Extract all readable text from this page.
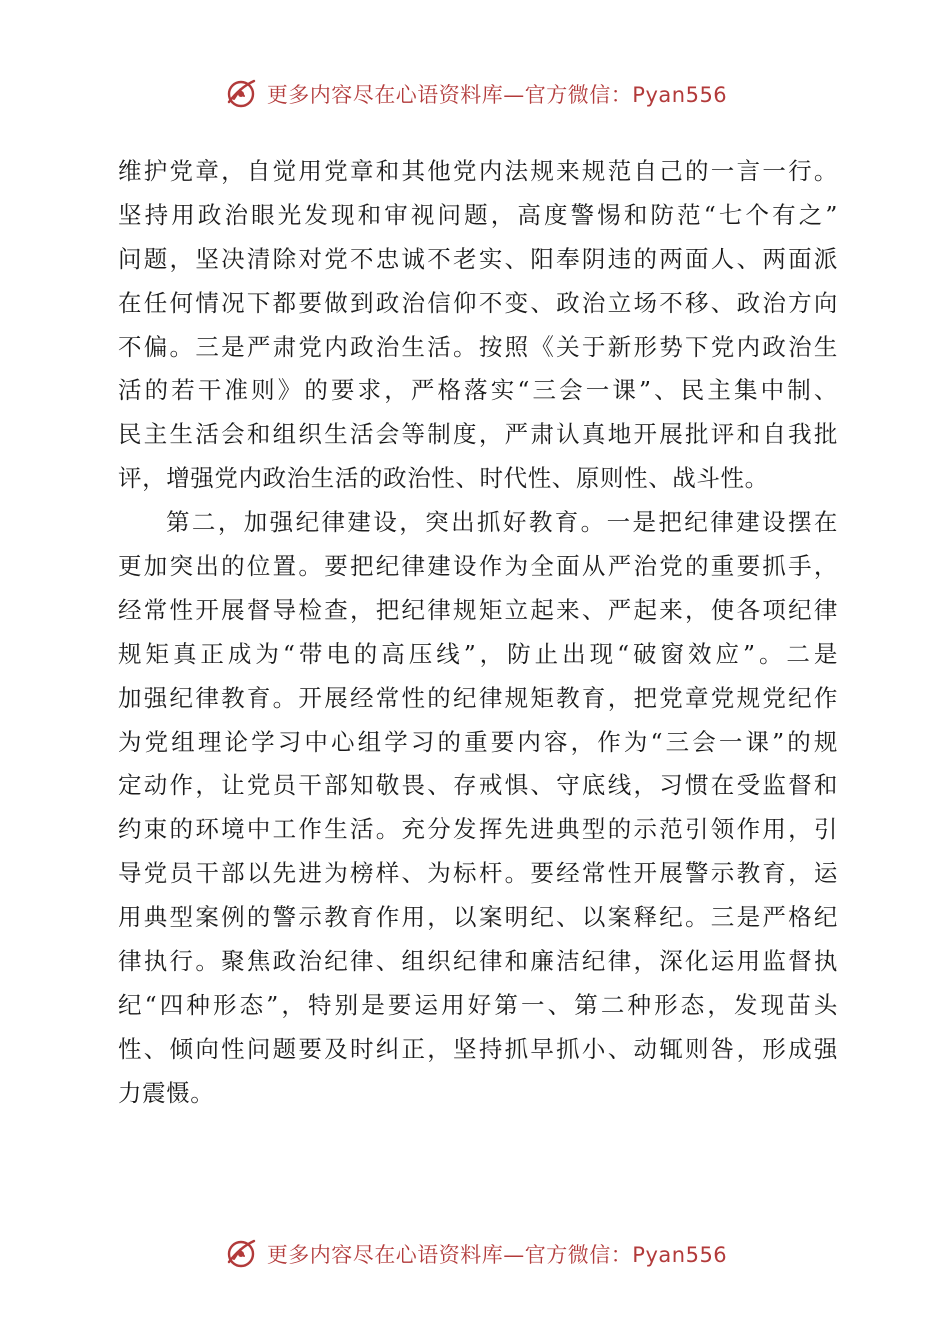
更多内容尽在心语资料库—官方微信：Pyan556
维护党章，自觉用党章和其他党内法规来规范自己的一言一行。
坚持用政治眼光发现和审视问题，高度警惕和防范“七个有之”
问题，坚决清除对党不忠诚不老实、阳奉阴违的两面人、两面派
在任何情况下都要做到政治信仰不变、政治立场不移、政治方向
不偏。三是严肃党内政治生活。按照《关于新形势下党内政治生
活的若干准则》的要求，严格落实“三会一课”、民主集中制、
民主生活会和组织生活会等制度，严肃认真地开展批评和自我批
评，增强党内政治生活的政治性、时代性、原则性、战斗性。
第二，加强纪律建设，突出抓好教育。一是把纪律建设摆在
更加突出的位置。要把纪律建设作为全面从严治党的重要抓手，
经常性开展督导检查，把纪律规矩立起来、严起来，使各项纪律
规矩真正成为“带电的高压线”，防止出现“破窗效应”。二是
加强纪律教育。开展经常性的纪律规矩教育，把党章党规党纪作
为党组理论学习中心组学习的重要内容，作为“三会一课”的规
定动作，让党员干部知敬畏、存戒惧、守底线，习惯在受监督和
约束的环境中工作生活。充分发挥先进典型的示范引领作用，引
导党员干部以先进为榜样、为标杆。要经常性开展警示教育，运
用典型案例的警示教育作用，以案明纪、以案释纪。三是严格纪
律执行。聚焦政治纪律、组织纪律和廉洁纪律，深化运用监督执
纪“四种形态”，特别是要运用好第一、第二种形态，发现苗头
性、倾向性问题要及时纠正，坚持抓早抓小、动辄则咎，形成强
力震慑。
更多内容尽在心语资料库—官方微信：Pyan556
